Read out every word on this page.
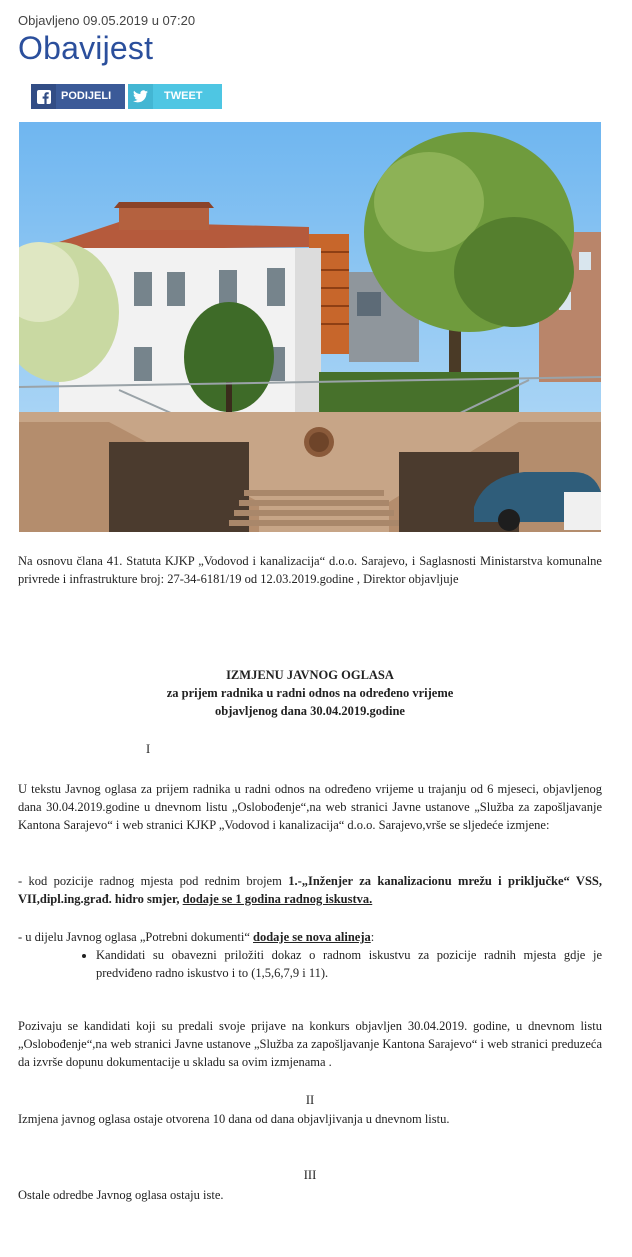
Objavljeno 09.05.2019 u 07:20
Obavijest
PODIJELI	TWEET
Na osnovu člana 41. Statuta KJKP „Vodovod i kanalizacija“ d.o.o. Sarajevo, i Saglasnosti Ministarstva komunalne privrede i infrastrukture broj: 27-34-6181/19 od 12.03.2019.godine , Direktor objavljuje
IZMJENU JAVNOG OGLASA
za prijem radnika u radni odnos na određeno vrijeme
objavljenog dana 30.04.2019.godine
I
U tekstu Javnog oglasa za prijem radnika u radni odnos na određeno vrijeme u trajanju od 6 mjeseci, objavljenog dana 30.04.2019.godine u dnevnom listu „Oslobođenje“,na web stranici Javne ustanove „Služba za zapošljavanje Kantona Sarajevo“ i web stranici KJKP „Vodovod i kanalizacija“ d.o.o. Sarajevo,vrše se sljedeće izmjene:
- kod pozicije radnog mjesta pod rednim brojem 1.-„Inženjer za kanalizacionu mrežu i priključke“ VSS, VII,dipl.ing.građ. hidro smjer, dodaje se 1 godina radnog iskustva.
- u dijelu Javnog oglasa „Potrebni dokumenti“ dodaje se nova alineja:
• Kandidati su obavezni priložiti dokaz o radnom iskustvu za pozicije radnih mjesta gdje je predviđeno radno iskustvo i to (1,5,6,7,9 i 11).
Pozivaju se kandidati koji su predali svoje prijave na konkurs objavljen 30.04.2019. godine, u dnevnom listu „Oslobođenje“,na web stranici Javne ustanove „Služba za zapošljavanje Kantona Sarajevo“ i web stranici preduzeća da izvrše dopunu dokumentacije u skladu sa ovim izmjenama .
II
Izmjena javnog oglasa ostaje otvorena 10 dana od dana objavljivanja u dnevnom listu.
III
Ostale odredbe Javnog oglasa ostaju iste.
